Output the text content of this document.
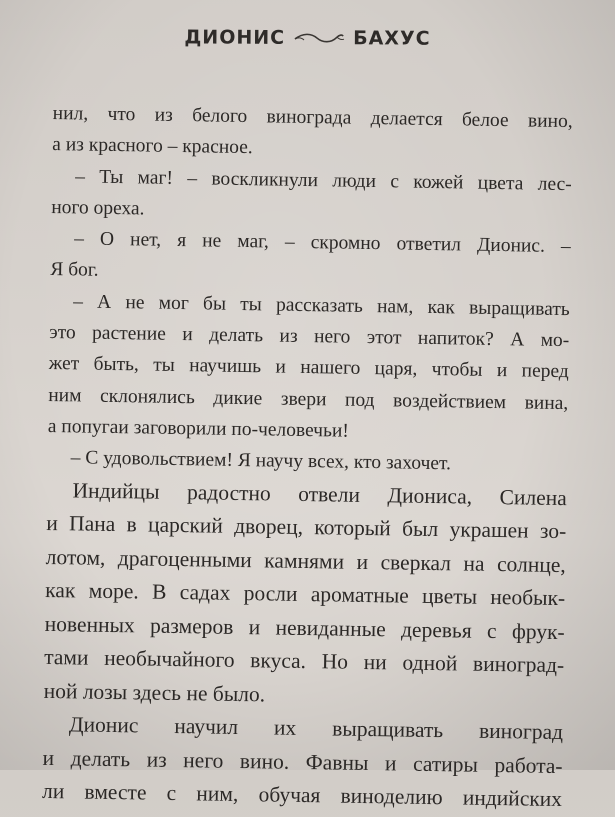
ДИОНИС	БАХУС
нил, что из белого винограда делается белое вино,
а из красного – красное.
– Ты маг! – воскликнули люди с кожей цвета лес-
ного ореха.
– О нет, я не маг, – скромно ответил Дионис. –
Я бог.
– А не мог бы ты рассказать нам, как выращивать
это растение и делать из него этот напиток? А мо-
жет быть, ты научишь и нашего царя, чтобы и перед
ним склонялись дикие звери под воздействием вина,
а попугаи заговорили по-человечьи!
– С удовольствием! Я научу всех, кто захочет.
Индийцы радостно отвели Диониса, Силена
и Пана в царский дворец, который был украшен зо-
лотом, драгоценными камнями и сверкал на солнце,
как море. В садах росли ароматные цветы необык-
новенных размеров и невиданные деревья с фрук-
тами необычайного вкуса. Но ни одной виноград-
ной лозы здесь не было.
Дионис научил их выращивать виноград
и делать из него вино. Фавны и сатиры работа-
ли вместе с ним, обучая виноделию индийских
